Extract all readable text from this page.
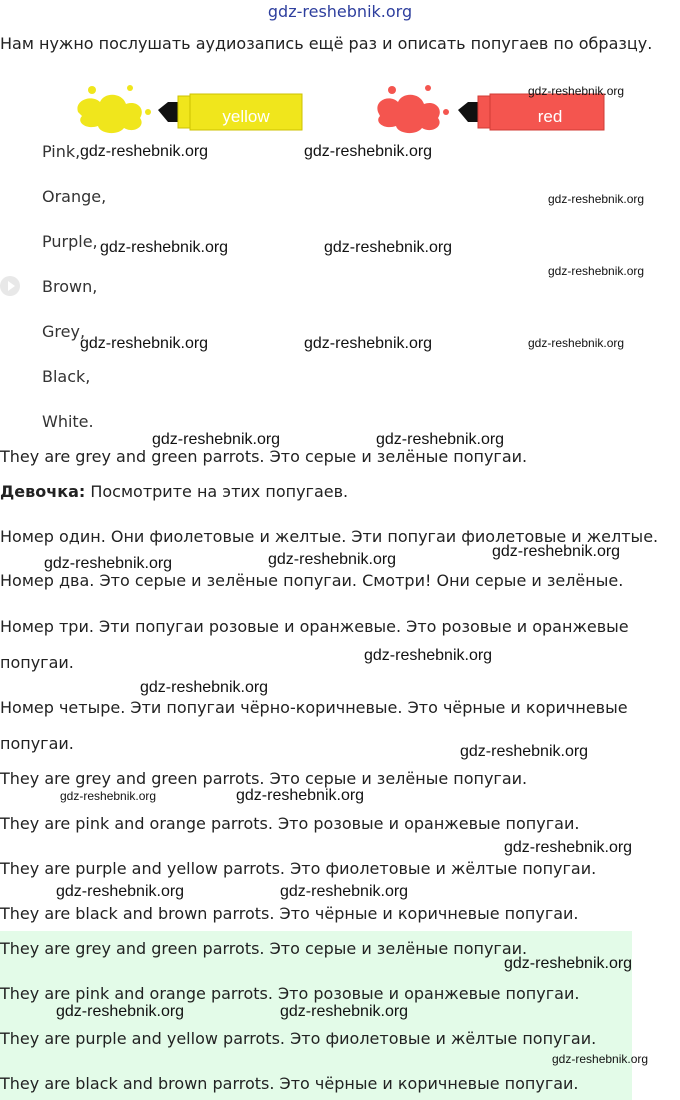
gdz-reshebnik.org
Нам нужно послушать аудиозапись ещё раз и описать попугаев по образцу.
yellow	red
Pink,
Orange,
Purple,
Brown,
Grey,
Black,
White.
They are grey and green parrots. Это серые и зелёные попугаи.
Девочка: Посмотрите на этих попугаев.
Номер один. Они фиолетовые и желтые. Эти попугаи фиолетовые и желтые.
Номер два. Это серые и зелёные попугаи. Смотри! Они серые и зелёные.
Номер три. Эти попугаи розовые и оранжевые. Это розовые и оранжевые
попугаи.
Номер четыре. Эти попугаи чёрно-коричневые. Это чёрные и коричневые
попугаи.
They are grey and green parrots. Это серые и зелёные попугаи.
They are pink and orange parrots. Это розовые и оранжевые попугаи.
They are purple and yellow parrots. Это фиолетовые и жёлтые попугаи.
They are black and brown parrots. Это чёрные и коричневые попугаи.
They are grey and green parrots. Это серые и зелёные попугаи.
They are pink and orange parrots. Это розовые и оранжевые попугаи.
They are purple and yellow parrots. Это фиолетовые и жёлтые попугаи.
They are black and brown parrots. Это чёрные и коричневые попугаи.
gdz-reshebnik.org
gdz-reshebnik.org	gdz-reshebnik.org
gdz-reshebnik.org
gdz-reshebnik.org	gdz-reshebnik.org
gdz-reshebnik.org
gdz-reshebnik.org	gdz-reshebnik.org	gdz-reshebnik.org
gdz-reshebnik.org	gdz-reshebnik.org
gdz-reshebnik.org
gdz-reshebnik.org	gdz-reshebnik.org
gdz-reshebnik.org
gdz-reshebnik.org
gdz-reshebnik.org
gdz-reshebnik.org	gdz-reshebnik.org
gdz-reshebnik.org
gdz-reshebnik.org	gdz-reshebnik.org
gdz-reshebnik.org
gdz-reshebnik.org	gdz-reshebnik.org
gdz-reshebnik.org
